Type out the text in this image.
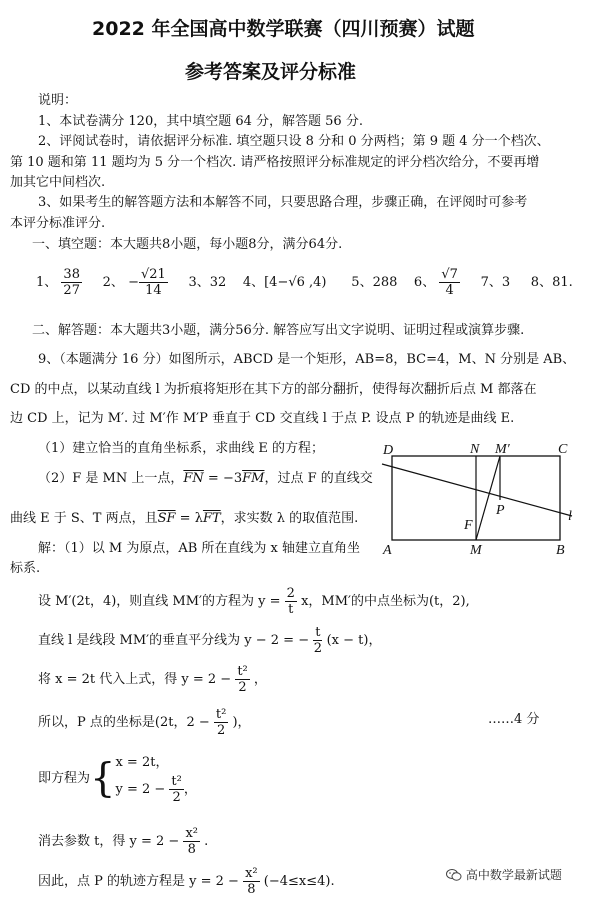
2022 年全国高中数学联赛（四川预赛）试题
参考答案及评分标准
说明：
1、本试卷满分 120，其中填空题 64 分，解答题 56 分.
2、评阅试卷时，请依据评分标准. 填空题只设 8 分和 0 分两档；第 9 题 4 分一个档次、
第 10 题和第 11 题均为 5 分一个档次. 请严格按照评分标准规定的评分档次给分，不要再增
加其它中间档次.
3、如果考生的解答题方法和本解答不同，只要思路合理，步骤正确，在评阅时可参考
本评分标准评分.
一、填空题：本大题共8小题，每小题8分，满分64分.
1、 $\frac{38}{27} 2$、 − $\frac{√21}{14} 3$、32 4、[4−√6 ,4) 5、288 6、 $\frac{√7}{4} 7$、3 8、81.
二、解答题：本大题共3小题，满分56分. 解答应写出文字说明、证明过程或演算步骤.
9、（本题满分 16 分）如图所示，ABCD 是一个矩形，AB=8，BC=4，M、N 分别是 AB、
CD 的中点，以某动直线 l 为折痕将矩形在其下方的部分翻折，使得每次翻折后点 M 都落在
边 CD 上，记为 M′. 过 M′作 M′P 垂直于 CD 交直线 l 于点 P. 设点 P 的轨迹是曲线 E.
（1）建立恰当的直角坐标系，求曲线 E 的方程；
（2）F 是 MN 上一点，$\overline{FN} = -3\overline{FM}$，过点 F 的直线交
曲线 E 于 S、T 两点，且$\overline{SF} = \lambda\overline{FT}$，求实数 λ 的取值范围.
D	N M′	C
A	M	B
F
P	l
解：（1）以 M 为原点，AB 所在直线为 x 轴建立直角坐
标系.
设 M′(2t，4)，则直线 MM′的方程为 $y = \frac{2}{t}$ x，MM′的中点坐标为(t，2),
直线 l 是线段 MM′的垂直平分线为 y − 2 = − $\frac{t}{2} (x - t)$，
将 x = 2t 代入上式，得 $y = 2 - \frac{\text{t²}}{2}$ ，
所以，P 点的坐标是(2t，$2 - \frac{\text{t²}}{2}$ )，	……4 分
即方程为{ x = 2t，
$y = 2 - \frac{\text{t²}}{2}$ ，
消去参数 t，得 $y = 2 - \frac{\text{x²}}{8}$ .
因此，点 P 的轨迹方程是 $y = 2 - \frac{\text{x²}}{8} (-4\le x\le 4)$.	高中数学最新试题
